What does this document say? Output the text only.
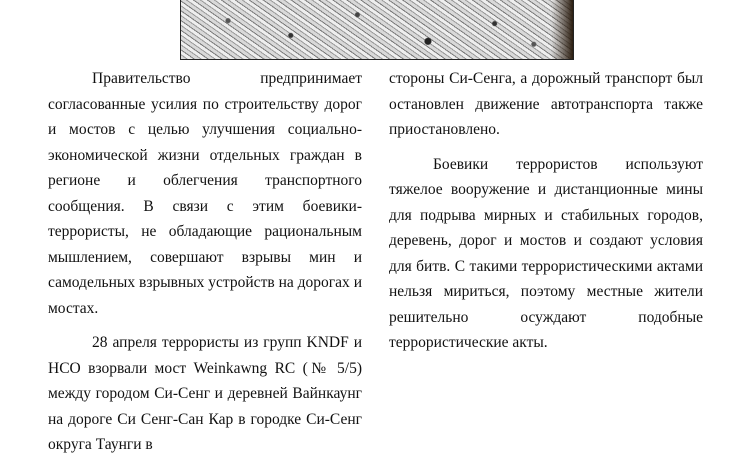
Правительство предпринимает согласованные усилия по строительству дорог и мостов с целью улучшения социально-экономической жизни отдельных граждан в регионе и облегчения транспортного сообщения. В связи с этим боевики-террористы, не обладающие рациональным мышлением, совершают взрывы мин и самодельных взрывных устройств на дорогах и мостах.

28 апреля террористы из групп KNDF и НСО взорвали мост Weinkawng RC (№ 5/5) между городом Си-Сенг и деревней Вайнкаунг на дороге Си Сенг-Сан Кар в городке Си-Сенг округа Таунги в

стороны Си-Сенга, а дорожный транспорт был остановлен движение автотранспорта также приостановлено.

Боевики террористов используют тяжелое вооружение и дистанционные мины для подрыва мирных и стабильных городов, деревень, дорог и мостов и создают условия для битв. С такими террористическими актами нельзя мириться, поэтому местные жители решительно осуждают подобные террористические акты.
